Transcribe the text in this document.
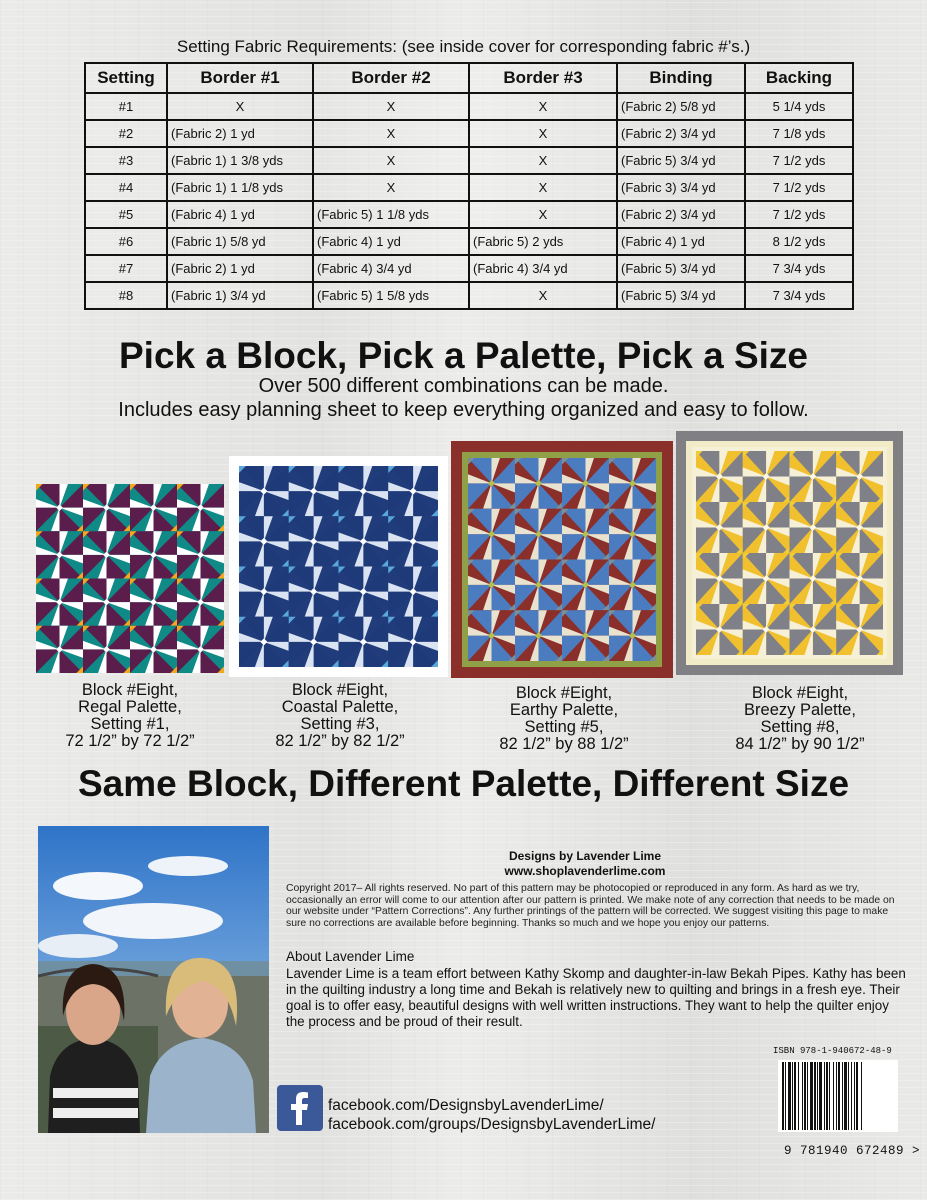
Setting Fabric Requirements: (see inside cover for corresponding fabric #’s.)
Setting	Border #1	Border #2	Border #3	Binding	Backing
#1	X	X	X	(Fabric 2) 5/8 yd	5 1/4 yds
#2	(Fabric 2) 1 yd	X	X	(Fabric 2) 3/4 yd	7 1/8 yds
#3	(Fabric 1) 1 3/8 yds	X	X	(Fabric 5) 3/4 yd	7 1/2 yds
#4	(Fabric 1) 1 1/8 yds	X	X	(Fabric 3) 3/4 yd	7 1/2 yds
#5	(Fabric 4) 1 yd	(Fabric 5) 1 1/8 yds	X	(Fabric 2) 3/4 yd	7 1/2 yds
#6	(Fabric 1) 5/8 yd	(Fabric 4) 1 yd	(Fabric 5) 2 yds	(Fabric 4) 1 yd	8 1/2 yds
#7	(Fabric 2) 1 yd	(Fabric 4) 3/4 yd	(Fabric 4) 3/4 yd	(Fabric 5) 3/4 yd	7 3/4 yds
#8	(Fabric 1) 3/4 yd	(Fabric 5) 1 5/8 yds	X	(Fabric 5) 3/4 yd	7 3/4 yds
Pick a Block, Pick a Palette, Pick a Size
Over 500 different combinations can be made.
Includes easy planning sheet to keep everything organized and easy to follow.
Block #Eight,
Regal Palette,
Setting #1,
72 1/2” by 72 1/2”
Block #Eight,
Coastal Palette,
Setting #3,
82 1/2” by 82 1/2”
Block #Eight,
Earthy Palette,
Setting #5,
82 1/2” by 88 1/2”
Block #Eight,
Breezy Palette,
Setting #8,
84 1/2” by 90 1/2”
Same Block, Different Palette, Different Size
Designs by Lavender Lime
www.shoplavenderlime.com
Copyright 2017– All rights reserved. No part of this pattern may be photocopied or reproduced in any form. As hard as we try, occasionally an error will come to our attention after our pattern is printed. We make note of any correction that needs to be made on our website under “Pattern Corrections”. Any further printings of the pattern will be corrected. We suggest visiting this page to make sure no corrections are available before beginning. Thanks so much and we hope you enjoy our patterns.
About Lavender Lime
Lavender Lime is a team effort between Kathy Skomp and daughter-in-law Bekah Pipes. Kathy has been in the quilting industry a long time and Bekah is relatively new to quilting and brings in a fresh eye. Their goal is to offer easy, beautiful designs with well written instructions. They want to help the quilter enjoy the process and be proud of their result.
facebook.com/DesignsbyLavenderLime/
facebook.com/groups/DesignsbyLavenderLime/
ISBN 978-1-940672-48-9
9 781940 672489 >
